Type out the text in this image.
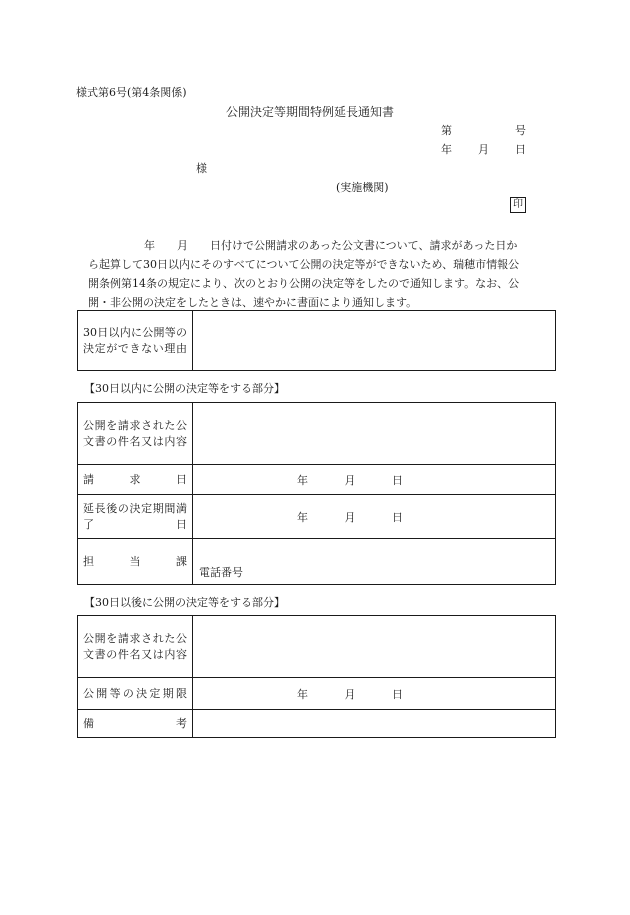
様式第6号(第4条関係)
公開決定等期間特例延長通知書
第	号
年 月 日
様
(実施機関)
印
年 月 日付けで公開請求のあった公文書について、請求があった日か
ら起算して30日以内にそのすべてについて公開の決定等ができないため、瑞穂市情報公
開条例第14条の規定により、次のとおり公開の決定等をしたので通知します。なお、公
開・非公開の決定をしたときは、速やかに書面により通知します。
30日以内に公開等の決定ができない理由	
【30日以内に公開の決定等をする部分】
公開を請求された公文書の件名又は内容	
請 求 日	年 月 日

延長後の決定期間満了日	年 月 日

担 当 課	電話番号
【30日以後に公開の決定等をする部分】
公開を請求された公文書の件名又は内容	
公開等の決定期限	年 月 日

備 考	
